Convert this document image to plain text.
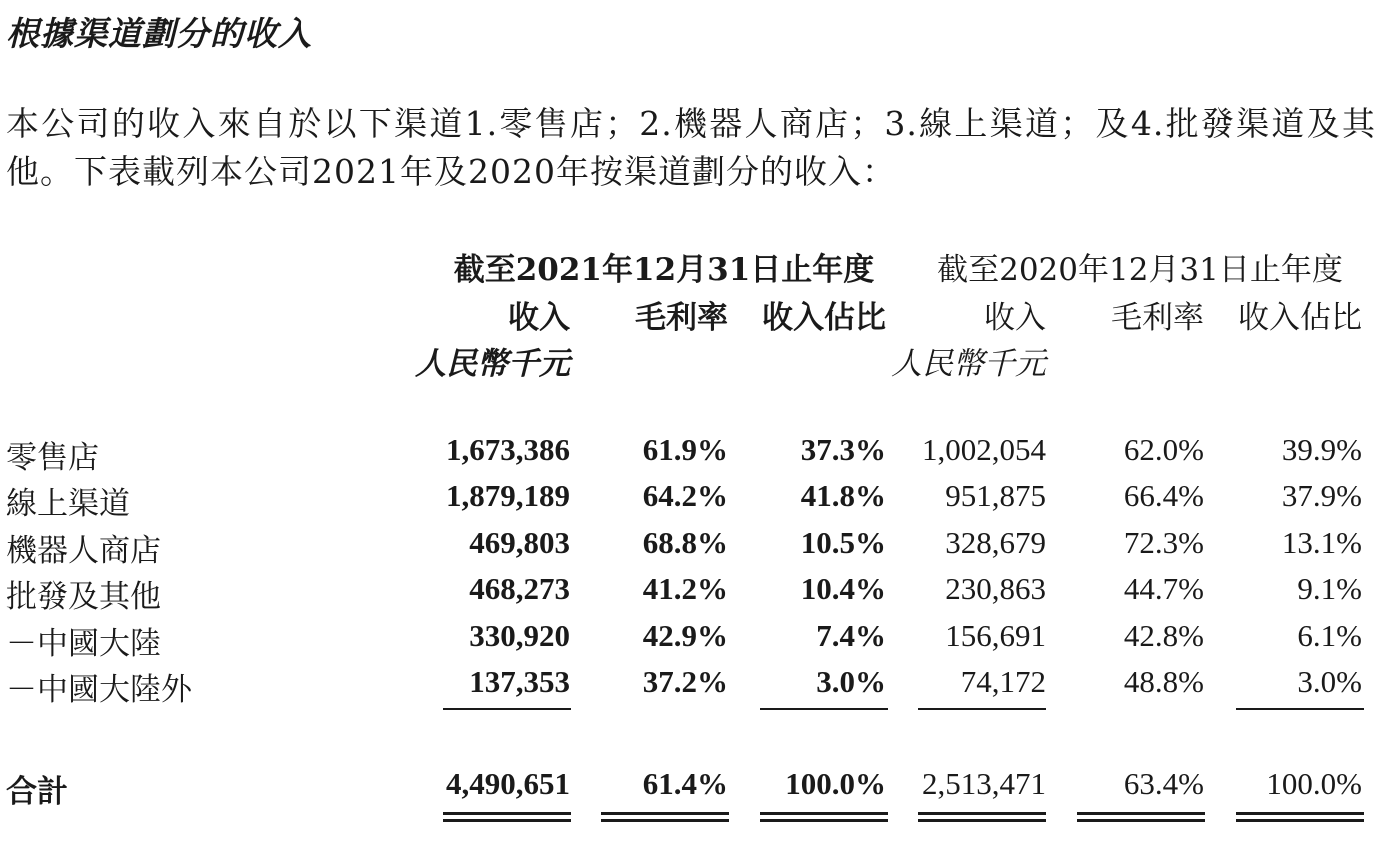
根據渠道劃分的收入
本公司的收入來自於以下渠道1.零售店；2.機器人商店；3.線上渠道；及4.批發渠道及其他。下表載列本公司2021年及2020年按渠道劃分的收入：
截至2021年12月31日止年度	截至2020年12月31日止年度
收入 毛利率 收入佔比	收入 毛利率 收入佔比
人民幣千元	人民幣千元
零售店	1,673,386 61.9% 37.3% 1,002,054	62.0%	39.9%
線上渠道	1,879,189 64.2% 41.8% 951,875	66.4%	37.9%
機器人商店	469,803 68.8% 10.5% 328,679	72.3%	13.1%
批發及其他	468,273 41.2% 10.4% 230,863	44.7%	9.1%
－中國大陸	330,920 42.9%	7.4% 156,691	42.8%	6.1%
－中國大陸外	137,353 37.2%	3.0% 74,172	48.8%	3.0%
合計	4,490,651 61.4% 100.0% 2,513,471	63.4% 100.0%
